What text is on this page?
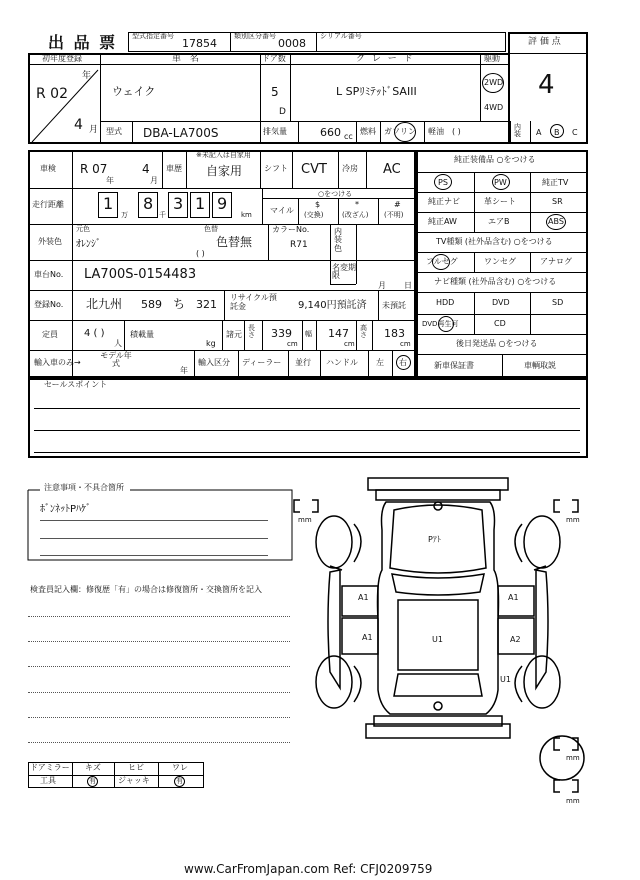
出 品 票 型式指定番号
17854
類別区分番号
0008
シリアル番号
評 価 点
4
初年度登録
R 02
年
4 月
車 名
ウェイク
ドア数
5
D
グ レ ー ド
L SPﾘﾐﾃｯﾄﾞSAIII
駆動
2WD
4WD
型式 DBA-LA700S	排気量	660 cc
燃料 ガソリン 軽油 ( )	内装	A B C
車検 R 07
年
4
月
車歴
※未記入は自家用
自家用	シフト CVT 冷房 AC
走行距離 1
万
8
千
3 1 9
km
○をつける
マイル
$
(交換)
*
(改ざん)
#
(不明)
外装色
元色
ｵﾚﾝｼﾞ
色替
色替無
( )
カラーNo.
R71
内装色
車台No. LA700S-0154483	名変期限
月 日
登録No. 北九州 589 ち 321
リサイクル預託金	9,140円預託済 未預託
定員	4 ( )
人
積載量
kg
諸元
長さ 339
cm
幅 147
cm
高さ 183
cm
輸入車のみ→
モデル年式
年
輸入区分 ディーラー 並行 ハンドル 左 右
純正装備品 ○をつける
PS	PW	純正TV
純正ナビ	革シート	SR
純正AW	エアB	ABS
TV種類 (社外品含む) ○をつける
フルセグ	ワンセグ	アナログ
ナビ種類 (社外品含む) ○をつける
HDD	DVD	SD
DVD再生可	CD
後日発送品 ○をつける
新車保証書	車輌取説
セールスポイント
注意事項・不具合箇所
ﾎﾞﾝﾈｯﾄPﾊｹﾞ
検査員記入欄：修復歴「有」の場合は修復箇所・交換箇所を記入
ドアミラー キズ	ヒビ	ワレ
工具	有	ジャッキ	有
mm	mm
mm
mm
Pｱﾄ
A1	A1
A1	U1	A2
U1
www.CarFromJapan.com Ref: CFJ0209759
